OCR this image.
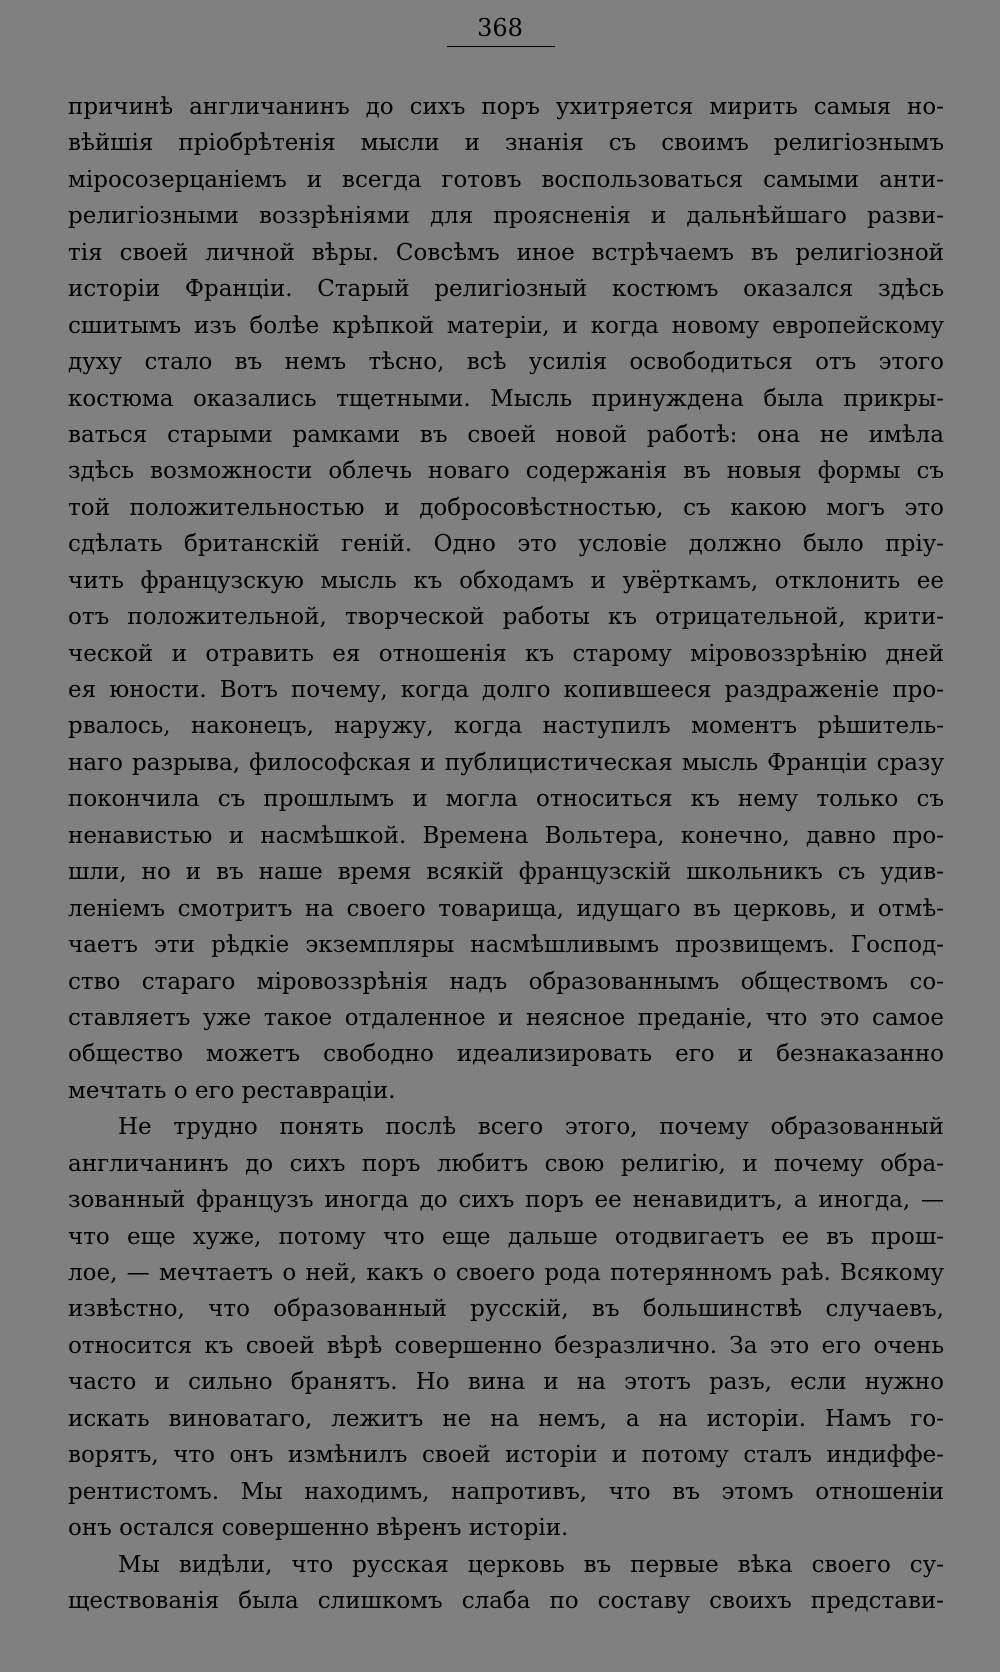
368
причинѣ англичанинъ до сихъ поръ ухитряется мирить самыя но-
вѣйшія пріобрѣтенія мысли и знанія съ своимъ религіознымъ
міросозерцаніемъ и всегда готовъ воспользоваться самыми анти-
религіозными воззрѣніями для проясненія и дальнѣйшаго разви-
тія своей личной вѣры. Совсѣмъ иное встрѣчаемъ въ религіозной
исторіи Франціи. Старый религіозный костюмъ оказался здѣсь
сшитымъ изъ болѣе крѣпкой матеріи, и когда новому европейскому
духу стало въ немъ тѣсно, всѣ усилія освободиться отъ этого
костюма оказались тщетными. Мысль принуждена была прикры-
ваться старыми рамками въ своей новой работѣ: она не имѣла
здѣсь возможности облечь новаго содержанія въ новыя формы съ
той положительностью и добросовѣстностью, съ какою могъ это
сдѣлать британскій геній. Одно это условіе должно было пріу-
чить французскую мысль къ обходамъ и увёрткамъ, отклонить ее
отъ положительной, творческой работы къ отрицательной, крити-
ческой и отравить ея отношенія къ старому міровоззрѣнію дней
ея юности. Вотъ почему, когда долго копившееся раздраженіе про-
рвалось, наконецъ, наружу, когда наступилъ моментъ рѣшитель-
наго разрыва, философская и публицистическая мысль Франціи сразу
покончила съ прошлымъ и могла относиться къ нему только съ
ненавистью и насмѣшкой. Времена Вольтера, конечно, давно про-
шли, но и въ наше время всякій французскій школьникъ съ удив-
леніемъ смотритъ на своего товарища, идущаго въ церковь, и отмѣ-
чаетъ эти рѣдкіе экземпляры насмѣшливымъ прозвищемъ. Господ-
ство стараго міровоззрѣнія надъ образованнымъ обществомъ со-
ставляетъ уже такое отдаленное и неясное преданіе, что это самое
общество можетъ свободно идеализировать его и безнаказанно
мечтать о его реставраціи.
Не трудно понять послѣ всего этого, почему образованный
англичанинъ до сихъ поръ любитъ свою религію, и почему обра-
зованный французъ иногда до сихъ поръ ее ненавидитъ, а иногда, —
что еще хуже, потому что еще дальше отодвигаетъ ее въ прош-
лое, — мечтаетъ о ней, какъ о своего рода потерянномъ раѣ. Всякому
извѣстно, что образованный русскій, въ большинствѣ случаевъ,
относится къ своей вѣрѣ совершенно безразлично. За это его очень
часто и сильно бранятъ. Но вина и на этотъ разъ, если нужно
искать виноватаго, лежитъ не на немъ, а на исторіи. Намъ го-
ворятъ, что онъ измѣнилъ своей исторіи и потому сталъ индиффе-
рентистомъ. Мы находимъ, напротивъ, что въ этомъ отношеніи
онъ остался совершенно вѣренъ исторіи.
Мы видѣли, что русская церковь въ первые вѣка своего су-
ществованія была слишкомъ слаба по составу своихъ представи-
